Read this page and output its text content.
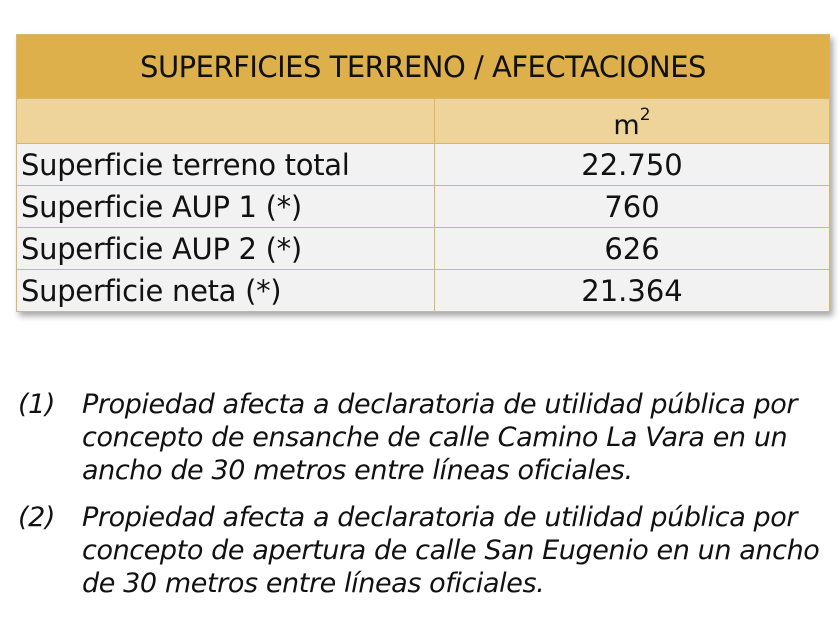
SUPERFICIES TERRENO / AFECTACIONES	
	$m^2$
Superficie terreno total	22.750
Superficie AUP 1 (*)	760
Superficie AUP 2 (*)	626
Superficie neta (*)	21.364
(1) Propiedad afecta a declaratoria de utilidad pública por concepto de ensanche de calle Camino La Vara en un ancho de 30 metros entre líneas oficiales.
(2) Propiedad afecta a declaratoria de utilidad pública por concepto de apertura de calle San Eugenio en un ancho de 30 metros entre líneas oficiales.
